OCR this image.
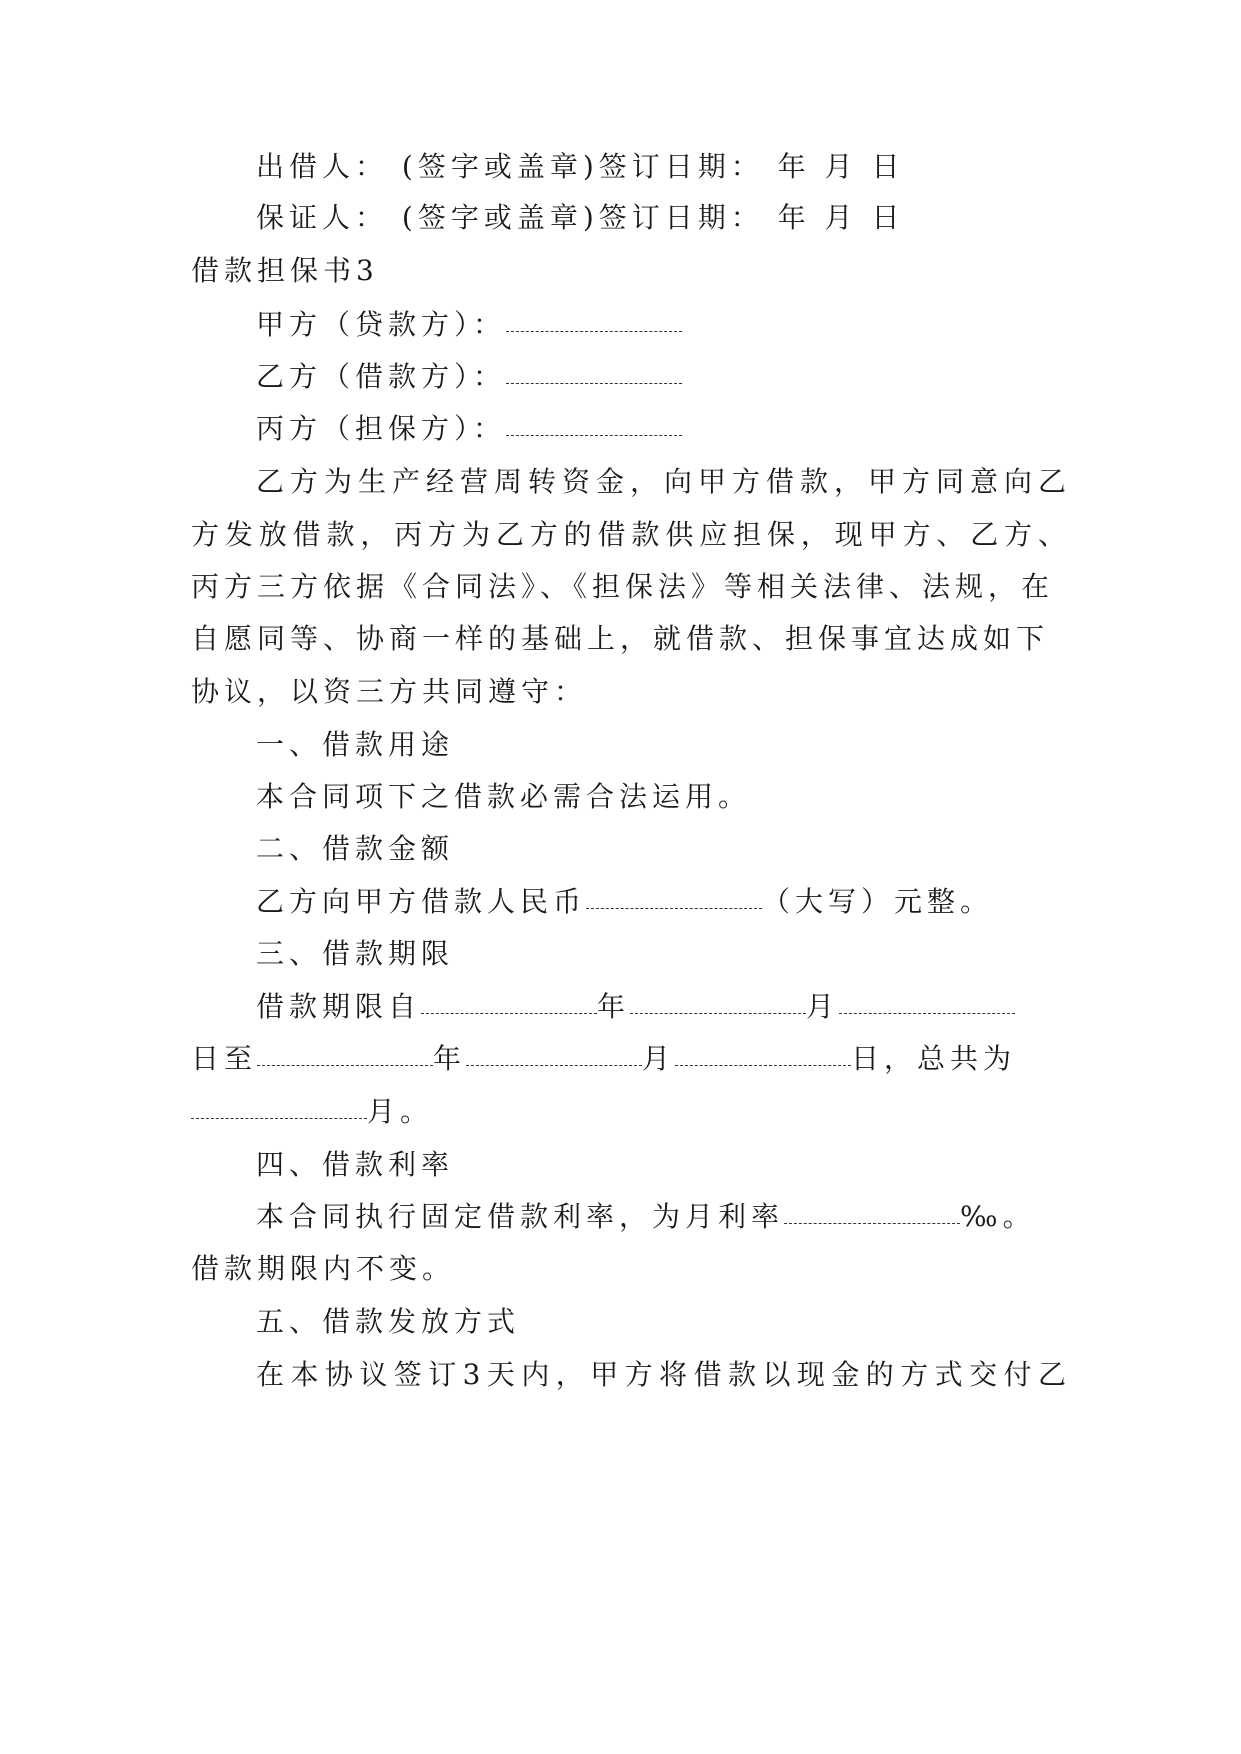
出借人： (签字或盖章)签订日期： 年 月 日
保证人： (签字或盖章)签订日期： 年 月 日
借款担保书3
甲方（贷款方）：
乙方（借款方）：
丙方（担保方）：
乙方为生产经营周转资金，向甲方借款，甲方同意向乙
方发放借款，丙方为乙方的借款供应担保，现甲方、乙方、
丙方三方依据《合同法》、《担保法》等相关法律、法规，在
自愿同等、协商一样的基础上，就借款、担保事宜达成如下
协议，以资三方共同遵守：
一、借款用途
本合同项下之借款必需合法运用。
二、借款金额
乙方向甲方借款人民币	（大写）元整。
三、借款期限
借款期限自	年	月
日至	年	月	日，总共为
月。
四、借款利率
本合同执行固定借款利率，为月利率	‰。
借款期限内不变。
五、借款发放方式
在本协议签订3天内，甲方将借款以现金的方式交付乙
